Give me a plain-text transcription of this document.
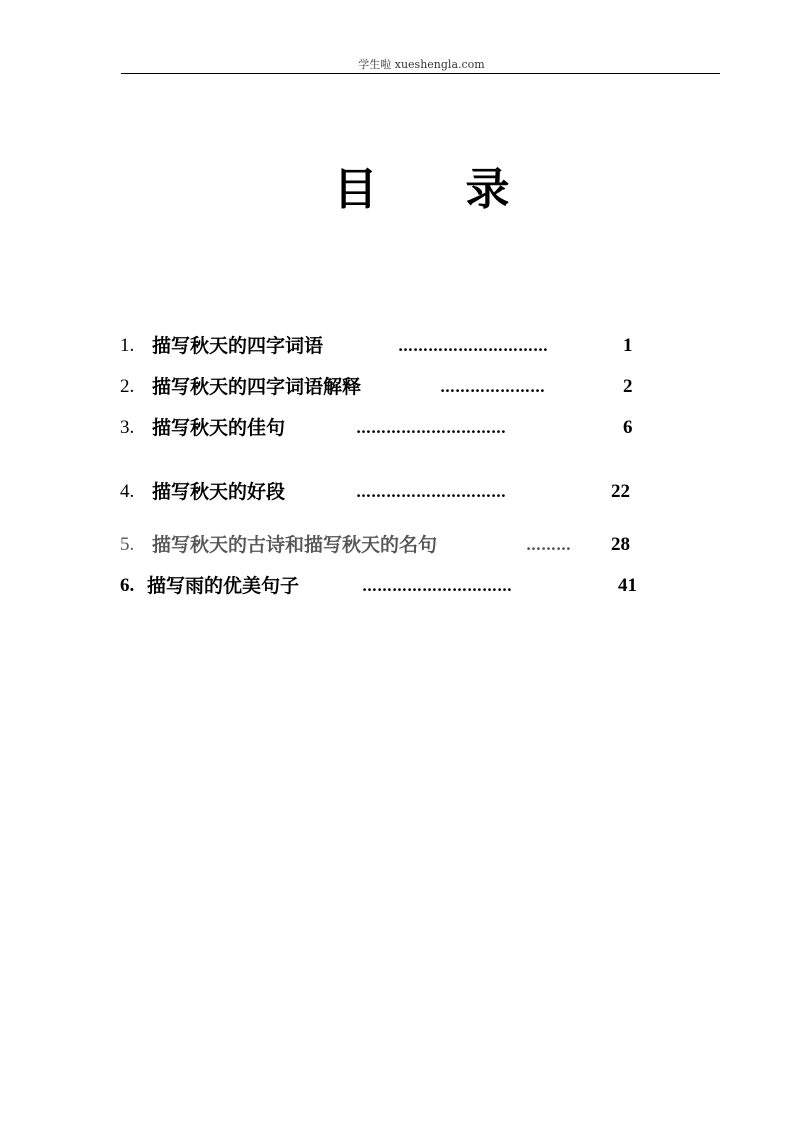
学生啦 xueshengla.com
目 录
1. 描写秋天的四字词语	…………………………	1
2. 描写秋天的四字词语解释	…………………	2
3. 描写秋天的佳句	…………………………	6
4. 描写秋天的好段	…………………………	22
5. 描写秋天的古诗和描写秋天的名句	……… 28
6. 描写雨的优美句子	…………………………	41
